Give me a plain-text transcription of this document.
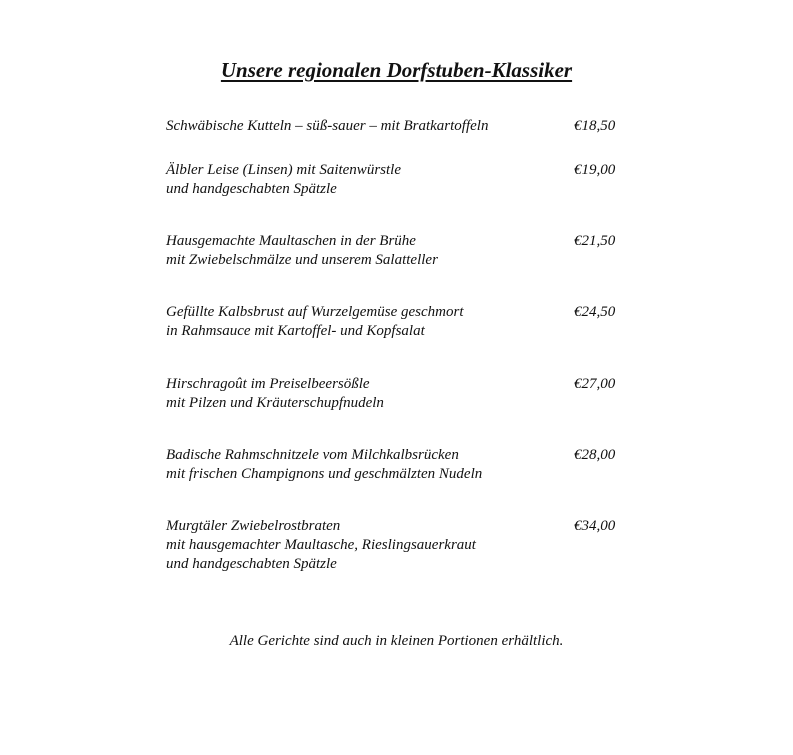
Unsere regionalen Dorfstuben-Klassiker
Schwäbische Kutteln – süß-sauer – mit Bratkartoffeln	€18,50
Älbler Leise (Linsen) mit Saitenwürstle
und handgeschabten Spätzle
€19,00
Hausgemachte Maultaschen in der Brühe
mit Zwiebelschmälze und unserem Salatteller
€21,50
Gefüllte Kalbsbrust auf Wurzelgemüse geschmort
in Rahmsauce mit Kartoffel- und Kopfsalat
€24,50
Hirschragoût im Preiselbeersößle
mit Pilzen und Kräuterschupfnudeln
€27,00
Badische Rahmschnitzele vom Milchkalbsrücken
mit frischen Champignons und geschmälzten Nudeln
€28,00
Murgtäler Zwiebelrostbraten
mit hausgemachter Maultasche, Rieslingsauerkraut
und handgeschabten Spätzle
€34,00
Alle Gerichte sind auch in kleinen Portionen erhältlich.
